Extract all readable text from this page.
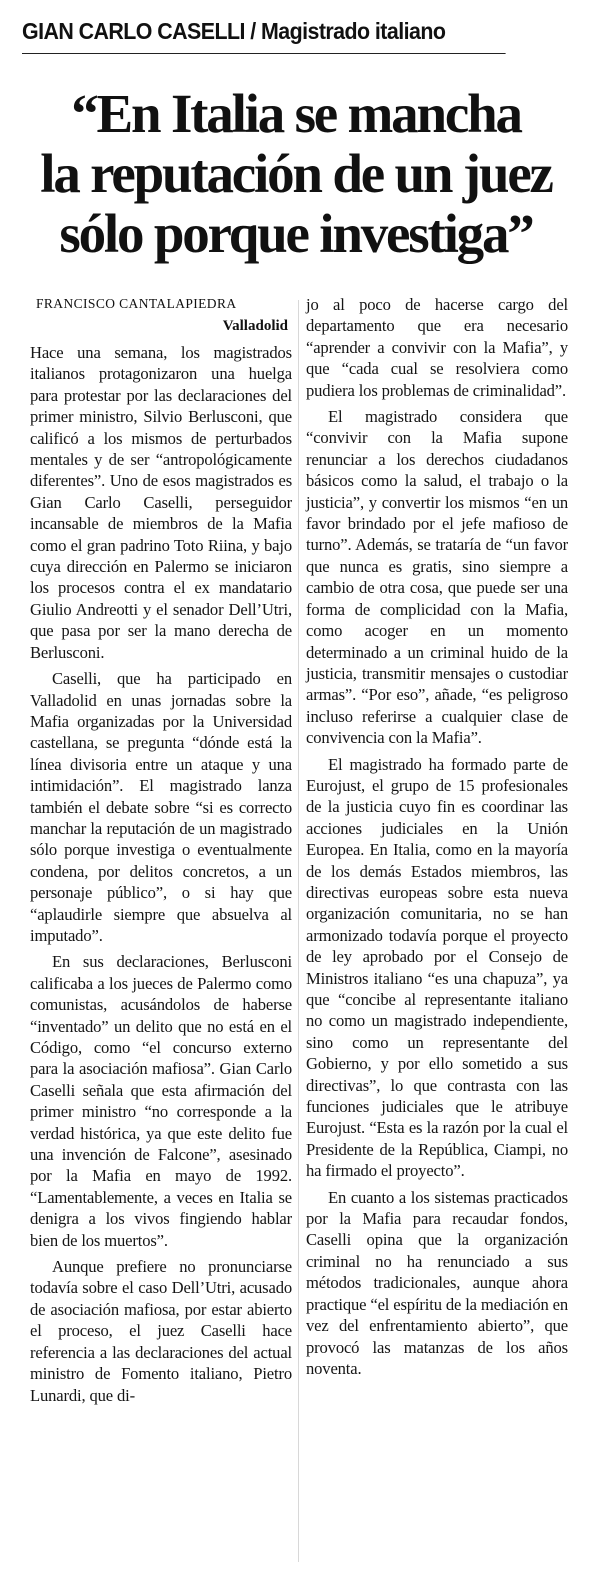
GIAN CARLO CASELLI / Magistrado italiano
“En Italia se mancha
la reputación de un juez
sólo porque investiga”
FRANCISCO CANTALAPIEDRA
Valladolid

Hace una semana, los magistrados italianos protagonizaron una huelga para protestar por las declaraciones del primer ministro, Silvio Berlusconi, que calificó a los mismos de perturbados mentales y de ser “antropológicamente diferentes”. Uno de esos magistrados es Gian Carlo Caselli, perseguidor incansable de miembros de la Mafia como el gran padrino Toto Riina, y bajo cuya dirección en Palermo se iniciaron los procesos contra el ex mandatario Giulio Andreotti y el senador Dell’Utri, que pasa por ser la mano derecha de Berlusconi.

Caselli, que ha participado en Valladolid en unas jornadas sobre la Mafia organizadas por la Universidad castellana, se pregunta “dónde está la línea divisoria entre un ataque y una intimidación”. El magistrado lanza también el debate sobre “si es correcto manchar la reputación de un magistrado sólo porque investiga o eventualmente condena, por delitos concretos, a un personaje público”, o si hay que “aplaudirle siempre que absuelva al imputado”.

En sus declaraciones, Berlusconi calificaba a los jueces de Palermo como comunistas, acusándolos de haberse “inventado” un delito que no está en el Código, como “el concurso externo para la asociación mafiosa”. Gian Carlo Caselli señala que esta afirmación del primer ministro “no corresponde a la verdad histórica, ya que este delito fue una invención de Falcone”, asesinado por la Mafia en mayo de 1992. “Lamentablemente, a veces en Italia se denigra a los vivos fingiendo hablar bien de los muertos”.

Aunque prefiere no pronunciarse todavía sobre el caso Dell’Utri, acusado de asociación mafiosa, por estar abierto el proceso, el juez Caselli hace referencia a las declaraciones del actual ministro de Fomento italiano, Pietro Lunardi, que di-

jo al poco de hacerse cargo del departamento que era necesario “aprender a convivir con la Mafia”, y que “cada cual se resolviera como pudiera los problemas de criminalidad”.

El magistrado considera que “convivir con la Mafia supone renunciar a los derechos ciudadanos básicos como la salud, el trabajo o la justicia”, y convertir los mismos “en un favor brindado por el jefe mafioso de turno”. Además, se trataría de “un favor que nunca es gratis, sino siempre a cambio de otra cosa, que puede ser una forma de complicidad con la Mafia, como acoger en un momento determinado a un criminal huido de la justicia, transmitir mensajes o custodiar armas”. “Por eso”, añade, “es peligroso incluso referirse a cualquier clase de convivencia con la Mafia”.

El magistrado ha formado parte de Eurojust, el grupo de 15 profesionales de la justicia cuyo fin es coordinar las acciones judiciales en la Unión Europea. En Italia, como en la mayoría de los demás Estados miembros, las directivas europeas sobre esta nueva organización comunitaria, no se han armonizado todavía porque el proyecto de ley aprobado por el Consejo de Ministros italiano “es una chapuza”, ya que “concibe al representante italiano no como un magistrado independiente, sino como un representante del Gobierno, y por ello sometido a sus directivas”, lo que contrasta con las funciones judiciales que le atribuye Eurojust. “Esta es la razón por la cual el Presidente de la República, Ciampi, no ha firmado el proyecto”.

En cuanto a los sistemas practicados por la Mafia para recaudar fondos, Caselli opina que la organización criminal no ha renunciado a sus métodos tradicionales, aunque ahora practique “el espíritu de la mediación en vez del enfrentamiento abierto”, que provocó las matanzas de los años noventa.
